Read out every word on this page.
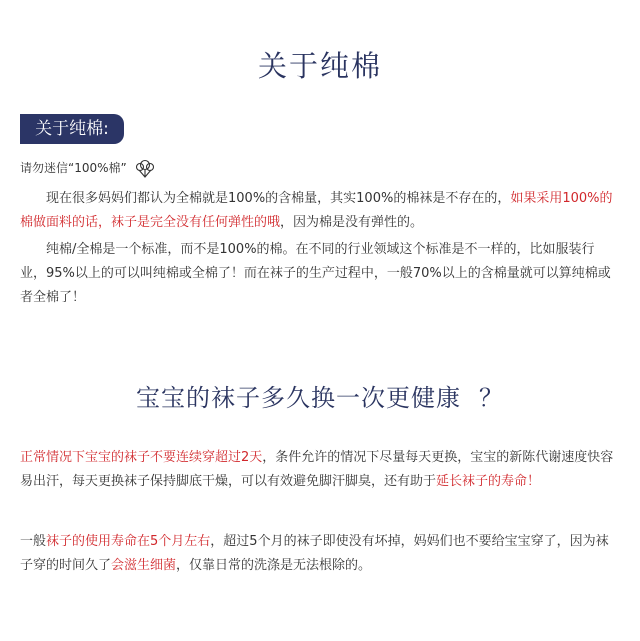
关于纯棉
关于纯棉:
请勿迷信“100%棉”

现在很多妈妈们都认为全棉就是100%的含棉量，其实100%的棉袜是不存在的，如果采用100%的棉做面料的话，袜子是完全没有任何弹性的哦，因为棉是没有弹性的。

纯棉/全棉是一个标准，而不是100%的棉。在不同的行业领域这个标准是不一样的，比如服装行业，95%以上的可以叫纯棉或全棉了！而在袜子的生产过程中，一般70%以上的含棉量就可以算纯棉或者全棉了！

宝宝的袜子多久换一次更健康 ？

正常情况下宝宝的袜子不要连续穿超过2天，条件允许的情况下尽量每天更换，宝宝的新陈代谢速度快容易出汗，每天更换袜子保持脚底干燥，可以有效避免脚汗脚臭，还有助于延长袜子的寿命！

一般袜子的使用寿命在5个月左右，超过5个月的袜子即使没有坏掉，妈妈们也不要给宝宝穿了，因为袜子穿的时间久了会滋生细菌，仅靠日常的洗涤是无法根除的。
